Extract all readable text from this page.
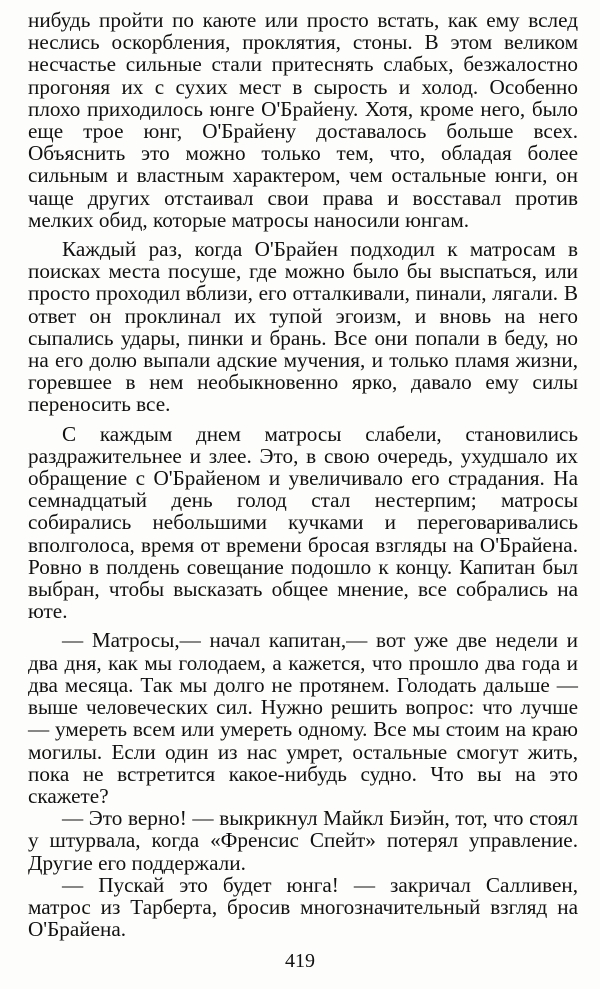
нибудь пройти по каюте или просто встать, как ему вслед неслись оскорбления, проклятия, стоны. В этом великом несчастье сильные стали притеснять слабых, безжалостно прогоняя их с сухих мест в сырость и холод. Особенно плохо приходилось юнге О'Брайену. Хотя, кроме него, было еще трое юнг, О'Брайену доставалось больше всех. Объяснить это можно только тем, что, обладая более сильным и властным характером, чем остальные юнги, он чаще других отстаивал свои права и восставал против мелких обид, которые матросы наносили юнгам.

Каждый раз, когда О'Брайен подходил к матросам в поисках места посуше, где можно было бы выспаться, или просто проходил вблизи, его отталкивали, пинали, лягали. В ответ он проклинал их тупой эгоизм, и вновь на него сыпались удары, пинки и брань. Все они попали в беду, но на его долю выпали адские мучения, и только пламя жизни, горевшее в нем необыкновенно ярко, давало ему силы переносить все.

С каждым днем матросы слабели, становились раздражительнее и злее. Это, в свою очередь, ухудшало их обращение с О'Брайеном и увеличивало его страдания. На семнадцатый день голод стал нестерпим; матросы собирались небольшими кучками и переговаривались вполголоса, время от времени бросая взгляды на О'Брайена. Ровно в полдень совещание подошло к концу. Капитан был выбран, чтобы высказать общее мнение, все собрались на юте.

— Матросы,— начал капитан,— вот уже две недели и два дня, как мы голодаем, а кажется, что прошло два года и два месяца. Так мы долго не протянем. Голодать дальше — выше человеческих сил. Нужно решить вопрос: что лучше — умереть всем или умереть одному. Все мы стоим на краю могилы. Если один из нас умрет, остальные смогут жить, пока не встретится какое-нибудь судно. Что вы на это скажете?

— Это верно! — выкрикнул Майкл Биэйн, тот, что стоял у штурвала, когда «Френсис Спейт» потерял управление. Другие его поддержали.

— Пускай это будет юнга! — закричал Салливен, матрос из Тарберта, бросив многозначительный взгляд на О'Брайена.

419
